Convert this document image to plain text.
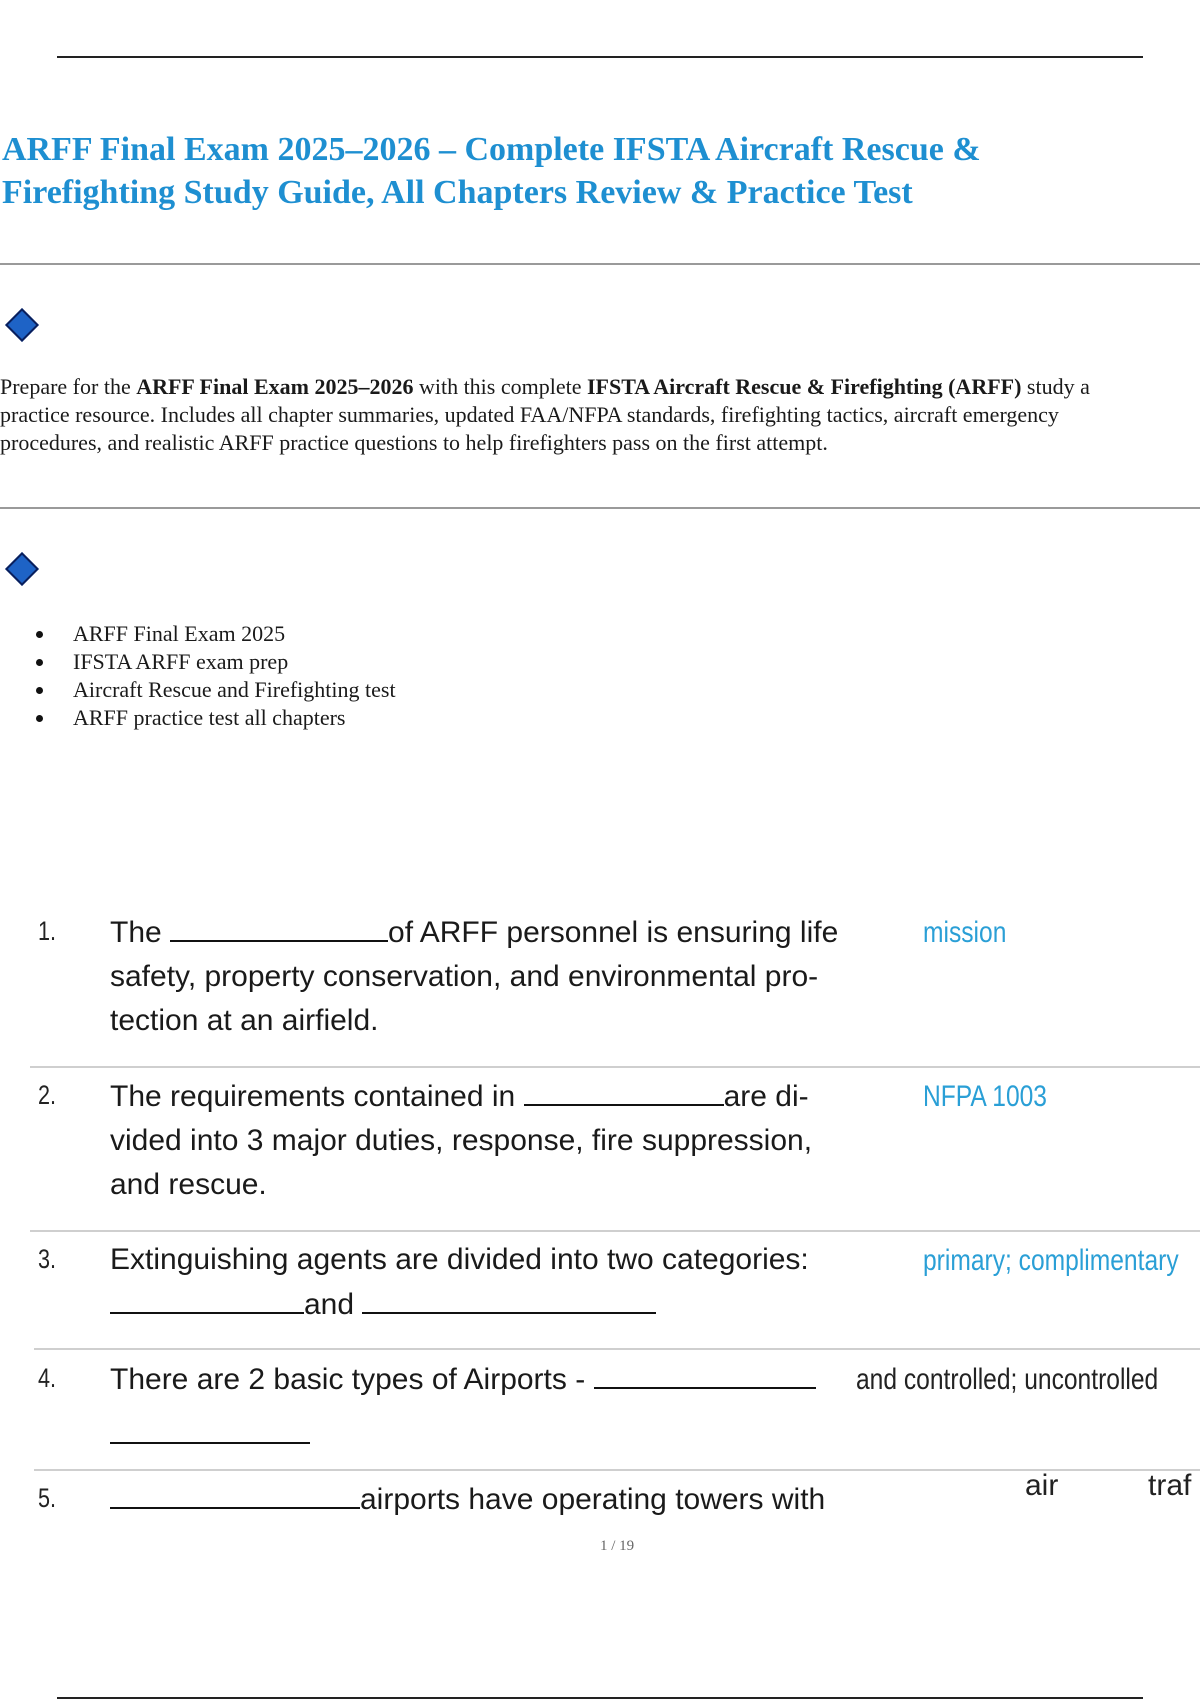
ARFF Final Exam 2025–2026 – Complete IFSTA Aircraft Rescue &
Firefighting Study Guide, All Chapters Review & Practice Test

Prepare for the ARFF Final Exam 2025–2026 with this complete IFSTA Aircraft Rescue & Firefighting (ARFF) study a
practice resource. Includes all chapter summaries, updated FAA/NFPA standards, firefighting tactics, aircraft emergency
procedures, and realistic ARFF practice questions to help firefighters pass on the first attempt.

ARFF Final Exam 2025
IFSTA ARFF exam prep
Aircraft Rescue and Firefighting test
ARFF practice test all chapters
1. The	of ARFF personnel is ensuring life
safety, property conservation, and environmental pro-
tection at an airfield.
mission
2. The requirements contained in	are di-
vided into 3 major duties, response, fire suppression,
and rescue.
NFPA 1003
3. Extinguishing agents are divided into two categories:
and
primary; complimentary
4. There are 2 basic types of Airports -	and controlled; uncontrolled
5.	airports have operating towers with	air	traf
1 / 19
